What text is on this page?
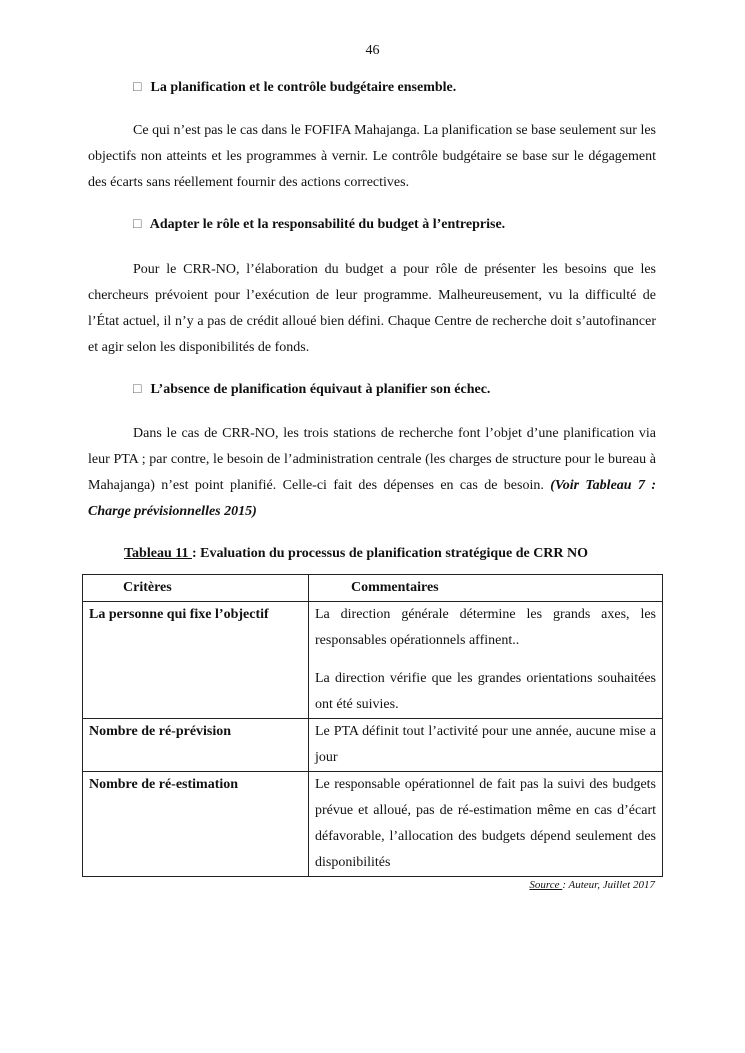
46
□ La planification et le contrôle budgétaire ensemble.

Ce qui n’est pas le cas dans le FOFIFA Mahajanga. La planification se base seulement sur les objectifs non atteints et les programmes à vernir. Le contrôle budgétaire se base sur le dégagement des écarts sans réellement fournir des actions correctives.

□ Adapter le rôle et la responsabilité du budget à l’entreprise.

Pour le CRR-NO, l’élaboration du budget a pour rôle de présenter les besoins que les chercheurs prévoient pour l’exécution de leur programme. Malheureusement, vu la difficulté de l’État actuel, il n’y a pas de crédit alloué bien défini. Chaque Centre de recherche doit s’autofinancer et agir selon les disponibilités de fonds.

□ L’absence de planification équivaut à planifier son échec.

Dans le cas de CRR-NO, les trois stations de recherche font l’objet d’une planification via leur PTA ; par contre, le besoin de l’administration centrale (les charges de structure pour le bureau à Mahajanga) n’est point planifié. Celle-ci fait des dépenses en cas de besoin. (Voir Tableau 7 : Charge prévisionnelles 2015)

Tableau 11 : Evaluation du processus de planification stratégique de CRR NO
Critères	Commentaires
La personne qui fixe l’objectif	La direction générale détermine les grands axes, les responsables opérationnels affinent..

La direction vérifie que les grandes orientations souhaitées ont été suivies.

Nombre de ré-prévision	Le PTA définit tout l’activité pour une année, aucune mise a jour

Nombre de ré-estimation	Le responsable opérationnel de fait pas la suivi des budgets prévue et alloué, pas de ré-estimation même en cas d’écart défavorable, l’allocation des budgets dépend seulement des disponibilités

Source : Auteur, Juillet 2017
